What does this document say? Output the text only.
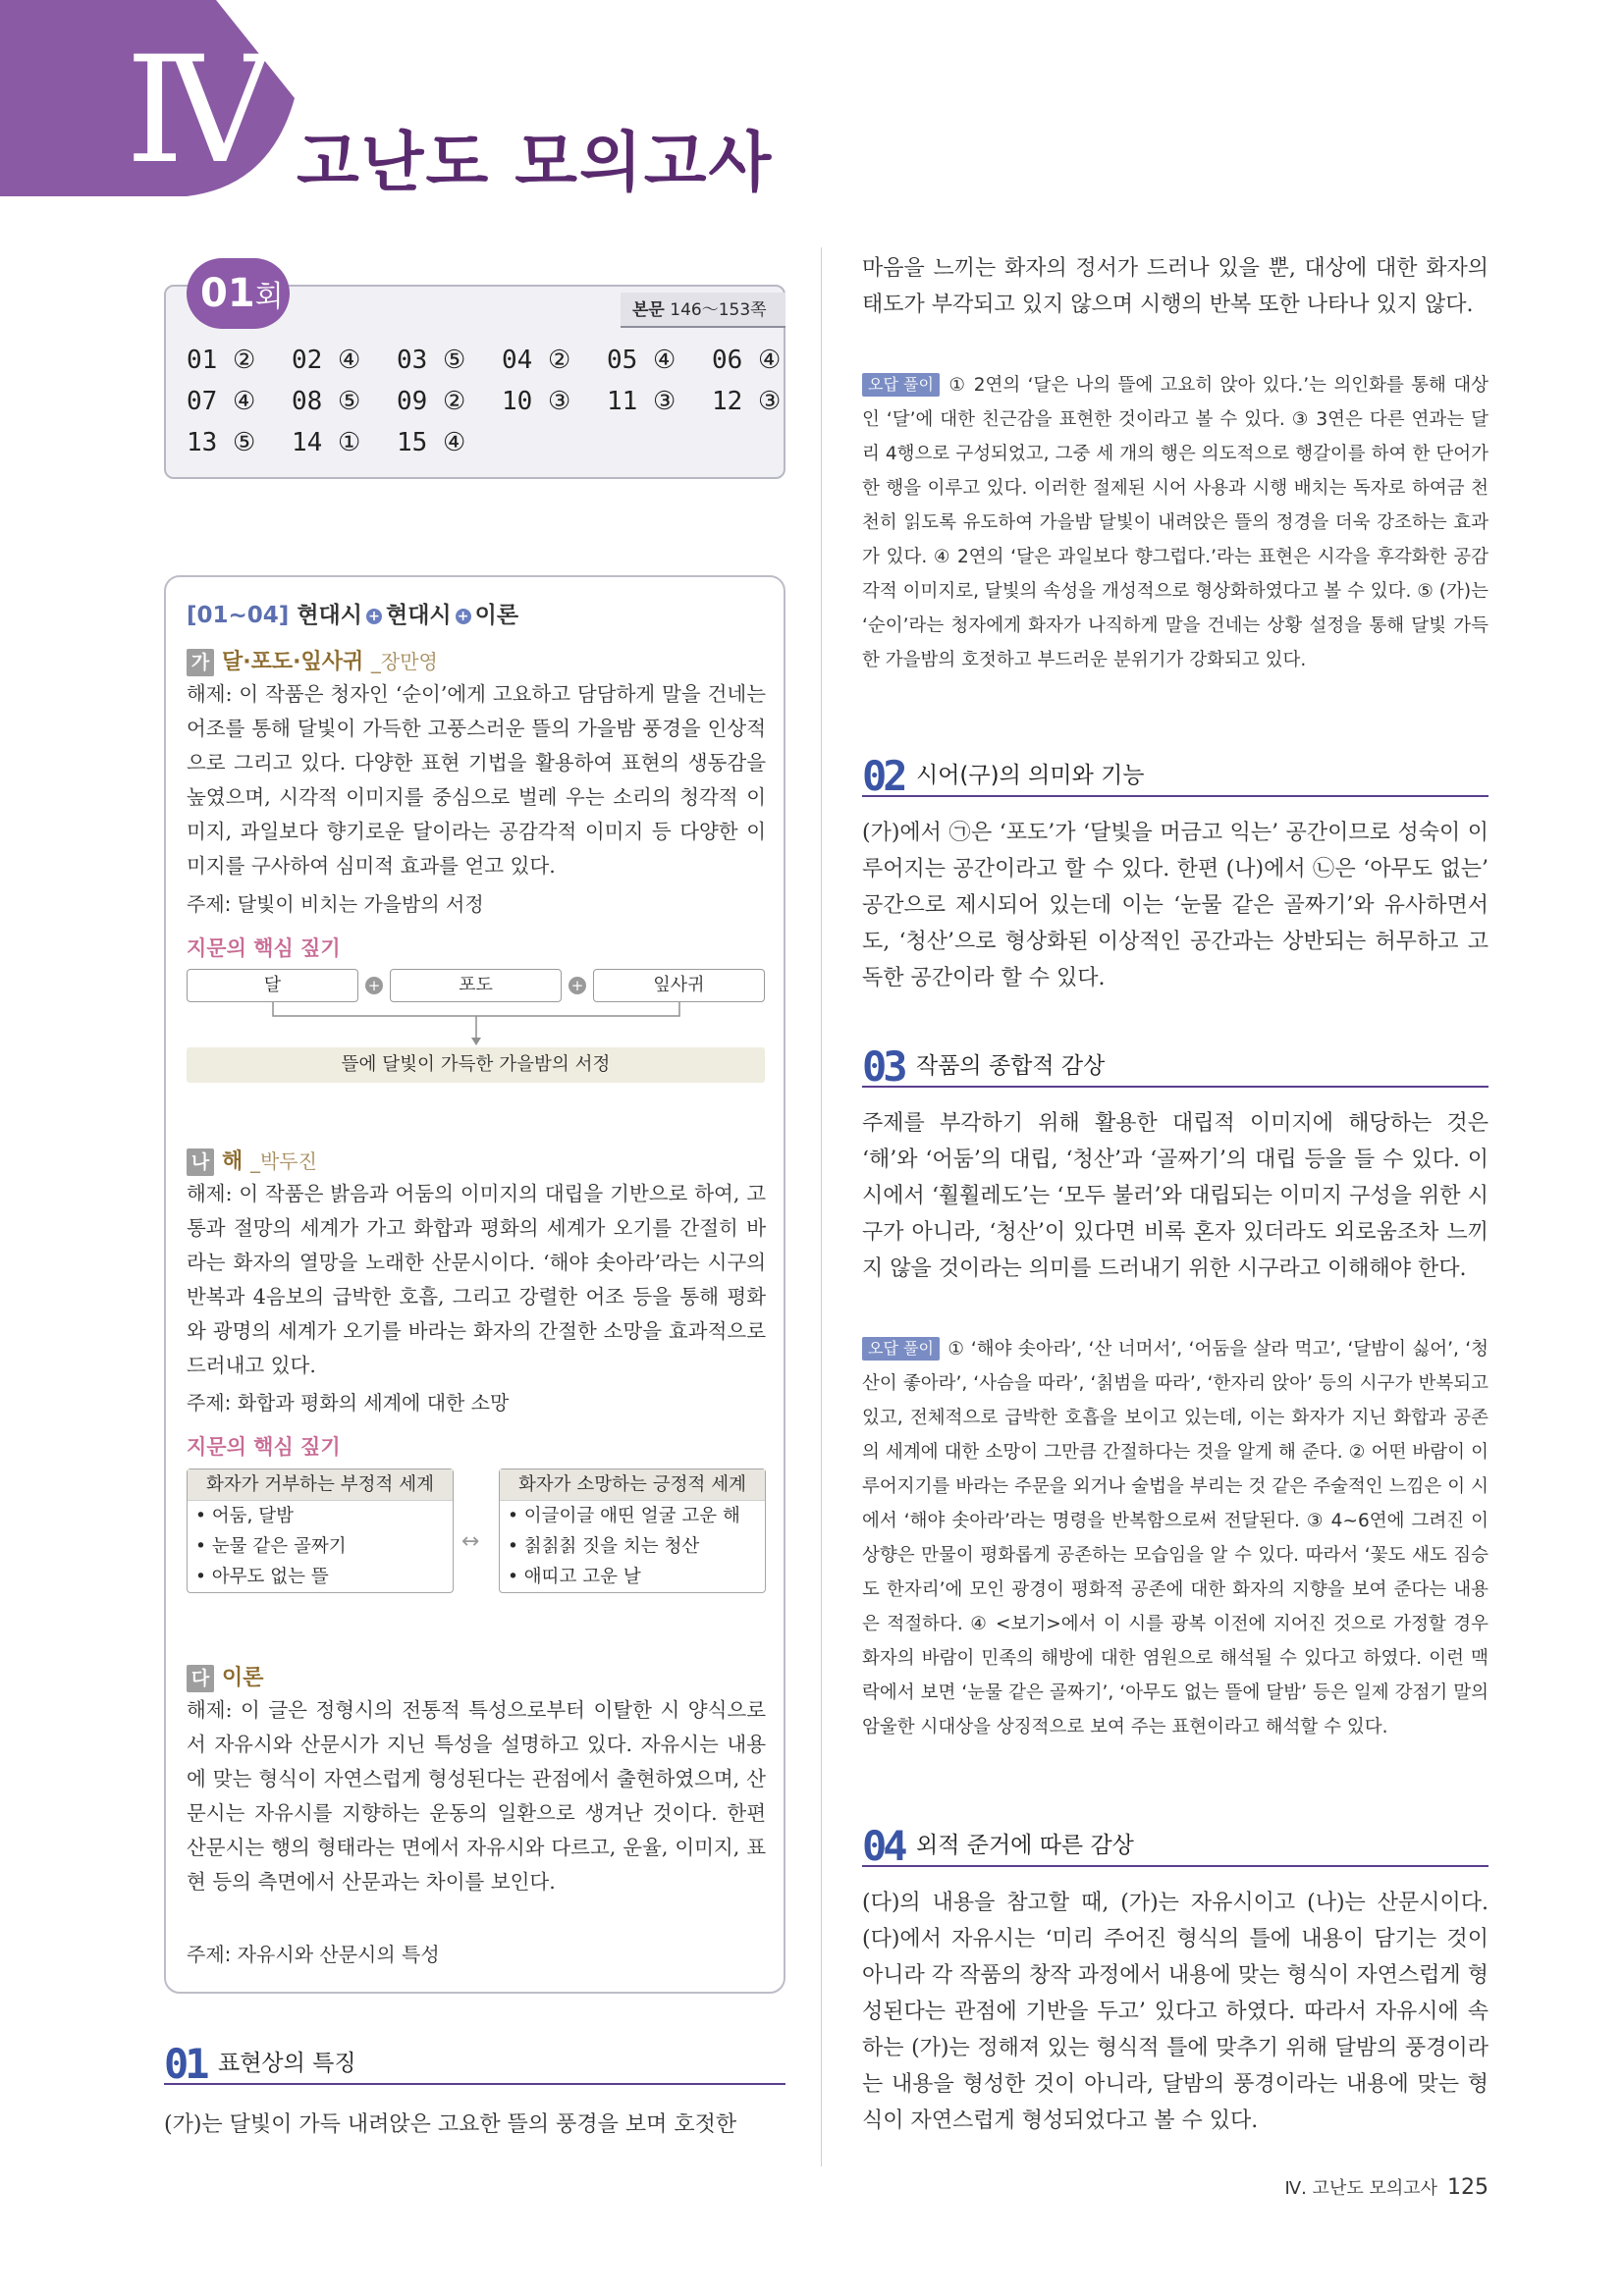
Ⅳ 고난도 모의고사
01회	본문 146～153쪽
01 ② 02 ④ 03 ⑤ 04 ② 05 ④ 06 ④
07 ④ 08 ⑤ 09 ② 10 ③ 11 ③ 12 ③
13 ⑤ 14 ① 15 ④
[01~04] 현대시 + 현대시 + 이론
가 달·포도·잎사귀 _장만영
해제: 이 작품은 청자인 ‘순이’에게 고요하고 담담하게 말을 건네는 어조를 통해 달빛이 가득한 고풍스러운 뜰의 가을밤 풍경을 인상적으로 그리고 있다. 다양한 표현 기법을 활용하여 표현의 생동감을 높였으며, 시각적 이미지를 중심으로 벌레 우는 소리의 청각적 이미지, 과일보다 향기로운 달이라는 공감각적 이미지 등 다양한 이미지를 구사하여 심미적 효과를 얻고 있다.
주제: 달빛이 비치는 가을밤의 서정
지문의 핵심 짚기
달	+	포도	+	잎사귀
뜰에 달빛이 가득한 가을밤의 서정
나 해 _박두진
해제: 이 작품은 밝음과 어둠의 이미지의 대립을 기반으로 하여, 고통과 절망의 세계가 가고 화합과 평화의 세계가 오기를 간절히 바라는 화자의 열망을 노래한 산문시이다. ‘해야 솟아라’라는 시구의 반복과 4음보의 급박한 호흡, 그리고 강렬한 어조 등을 통해 평화와 광명의 세계가 오기를 바라는 화자의 간절한 소망을 효과적으로 드러내고 있다.
주제: 화합과 평화의 세계에 대한 소망
지문의 핵심 짚기
화자가 거부하는 부정적 세계
• 어둠, 달밤
• 눈물 같은 골짜기
• 아무도 없는 뜰
↔
화자가 소망하는 긍정적 세계
• 이글이글 애띤 얼굴 고운 해
• 칡칡칡 짓을 치는 청산
• 애띠고 고운 날
다 이론
해제: 이 글은 정형시의 전통적 특성으로부터 이탈한 시 양식으로서 자유시와 산문시가 지닌 특성을 설명하고 있다. 자유시는 내용에 맞는 형식이 자연스럽게 형성된다는 관점에서 출현하였으며, 산문시는 자유시를 지향하는 운동의 일환으로 생겨난 것이다. 한편 산문시는 행의 형태라는 면에서 자유시와 다르고, 운율, 이미지, 표현 등의 측면에서 산문과는 차이를 보인다.
주제: 자유시와 산문시의 특성
01 표현상의 특징
(가)는 달빛이 가득 내려앉은 고요한 뜰의 풍경을 보며 호젓한
마음을 느끼는 화자의 정서가 드러나 있을 뿐, 대상에 대한 화자의 태도가 부각되고 있지 않으며 시행의 반복 또한 나타나 있지 않다.
오답 풀이 ① 2연의 ‘달은 나의 뜰에 고요히 앉아 있다.’는 의인화를 통해 대상인 ‘달’에 대한 친근감을 표현한 것이라고 볼 수 있다. ③ 3연은 다른 연과는 달리 4행으로 구성되었고, 그중 세 개의 행은 의도적으로 행갈이를 하여 한 단어가 한 행을 이루고 있다. 이러한 절제된 시어 사용과 시행 배치는 독자로 하여금 천천히 읽도록 유도하여 가을밤 달빛이 내려앉은 뜰의 정경을 더욱 강조하는 효과가 있다. ④ 2연의 ‘달은 과일보다 향그럽다.’라는 표현은 시각을 후각화한 공감각적 이미지로, 달빛의 속성을 개성적으로 형상화하였다고 볼 수 있다. ⑤ (가)는 ‘순이’라는 청자에게 화자가 나직하게 말을 건네는 상황 설정을 통해 달빛 가득한 가을밤의 호젓하고 부드러운 분위기가 강화되고 있다.
02 시어(구)의 의미와 기능
(가)에서 ㉠은 ‘포도’가 ‘달빛을 머금고 익는’ 공간이므로 성숙이 이루어지는 공간이라고 할 수 있다. 한편 (나)에서 ㉡은 ‘아무도 없는’ 공간으로 제시되어 있는데 이는 ‘눈물 같은 골짜기’와 유사하면서도, ‘청산’으로 형상화된 이상적인 공간과는 상반되는 허무하고 고독한 공간이라 할 수 있다.
03 작품의 종합적 감상
주제를 부각하기 위해 활용한 대립적 이미지에 해당하는 것은 ‘해’와 ‘어둠’의 대립, ‘청산’과 ‘골짜기’의 대립 등을 들 수 있다. 이 시에서 ‘훨훨레도’는 ‘모두 불러’와 대립되는 이미지 구성을 위한 시구가 아니라, ‘청산’이 있다면 비록 혼자 있더라도 외로움조차 느끼지 않을 것이라는 의미를 드러내기 위한 시구라고 이해해야 한다.
오답 풀이 ① ‘해야 솟아라’, ‘산 너머서’, ‘어둠을 살라 먹고’, ‘달밤이 싫어’, ‘청산이 좋아라’, ‘사슴을 따라’, ‘칡범을 따라’, ‘한자리 앉아’ 등의 시구가 반복되고 있고, 전체적으로 급박한 호흡을 보이고 있는데, 이는 화자가 지닌 화합과 공존의 세계에 대한 소망이 그만큼 간절하다는 것을 알게 해 준다. ② 어떤 바람이 이루어지기를 바라는 주문을 외거나 술법을 부리는 것 같은 주술적인 느낌은 이 시에서 ‘해야 솟아라’라는 명령을 반복함으로써 전달된다. ③ 4~6연에 그려진 이상향은 만물이 평화롭게 공존하는 모습임을 알 수 있다. 따라서 ‘꽃도 새도 짐승도 한자리’에 모인 광경이 평화적 공존에 대한 화자의 지향을 보여 준다는 내용은 적절하다. ④ <보기>에서 이 시를 광복 이전에 지어진 것으로 가정할 경우 화자의 바람이 민족의 해방에 대한 염원으로 해석될 수 있다고 하였다. 이런 맥락에서 보면 ‘눈물 같은 골짜기’, ‘아무도 없는 뜰에 달밤’ 등은 일제 강점기 말의 암울한 시대상을 상징적으로 보여 주는 표현이라고 해석할 수 있다.
04 외적 준거에 따른 감상
(다)의 내용을 참고할 때, (가)는 자유시이고 (나)는 산문시이다. (다)에서 자유시는 ‘미리 주어진 형식의 틀에 내용이 담기는 것이 아니라 각 작품의 창작 과정에서 내용에 맞는 형식이 자연스럽게 형성된다는 관점에 기반을 두고’ 있다고 하였다. 따라서 자유시에 속하는 (가)는 정해져 있는 형식적 틀에 맞추기 위해 달밤의 풍경이라는 내용을 형성한 것이 아니라, 달밤의 풍경이라는 내용에 맞는 형식이 자연스럽게 형성되었다고 볼 수 있다.
Ⅳ. 고난도 모의고사 125
